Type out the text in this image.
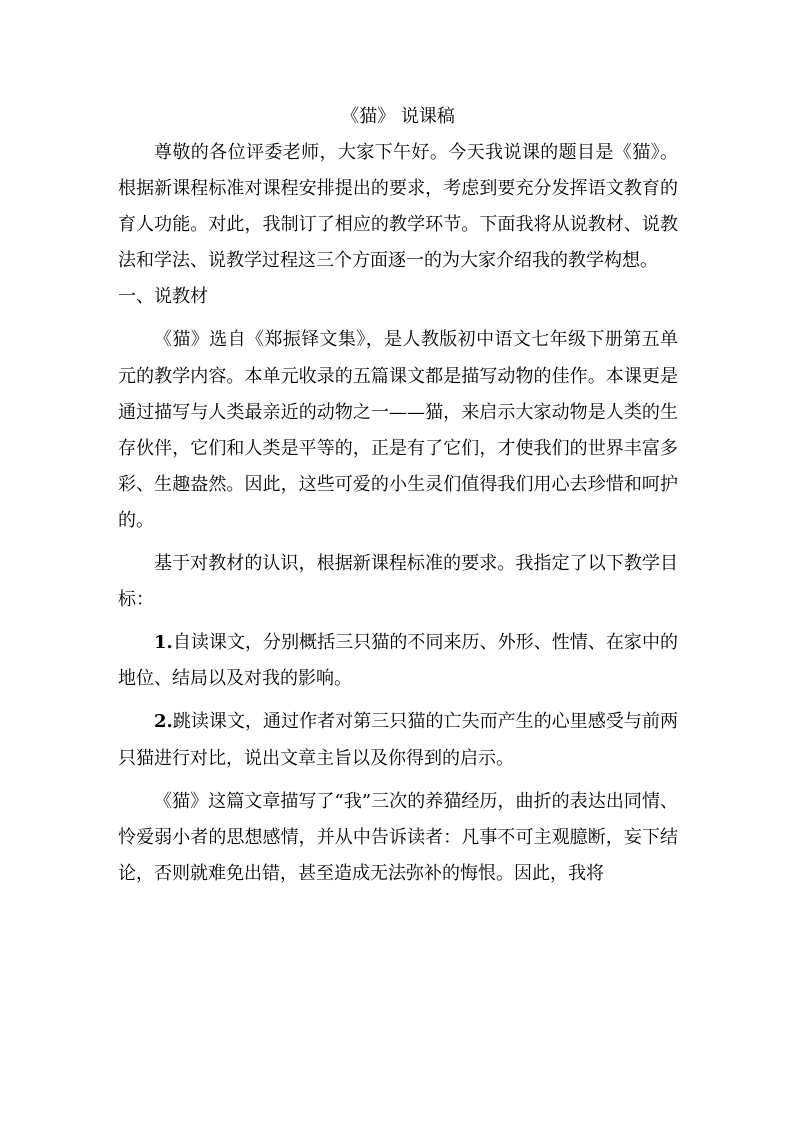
《猫》 说课稿

尊敬的各位评委老师，大家下午好。今天我说课的题目是《猫》。根据新课程标准对课程安排提出的要求，考虑到要充分发挥语文教育的育人功能。对此，我制订了相应的教学环节。下面我将从说教材、说教法和学法、说教学过程这三个方面逐一的为大家介绍我的教学构想。

一、说教材

《猫》选自《郑振铎文集》，是人教版初中语文七年级下册第五单元的教学内容。本单元收录的五篇课文都是描写动物的佳作。本课更是通过描写与人类最亲近的动物之一——猫，来启示大家动物是人类的生存伙伴，它们和人类是平等的，正是有了它们，才使我们的世界丰富多彩、生趣盎然。因此，这些可爱的小生灵们值得我们用心去珍惜和呵护的。

基于对教材的认识，根据新课程标准的要求。我指定了以下教学目标：

1.自读课文，分别概括三只猫的不同来历、外形、性情、在家中的地位、结局以及对我的影响。

2.跳读课文，通过作者对第三只猫的亡失而产生的心里感受与前两只猫进行对比，说出文章主旨以及你得到的启示。

《猫》这篇文章描写了“我”三次的养猫经历，曲折的表达出同情、怜爱弱小者的思想感情，并从中告诉读者：凡事不可主观臆断，妄下结论，否则就难免出错，甚至造成无法弥补的悔恨。因此，我将
